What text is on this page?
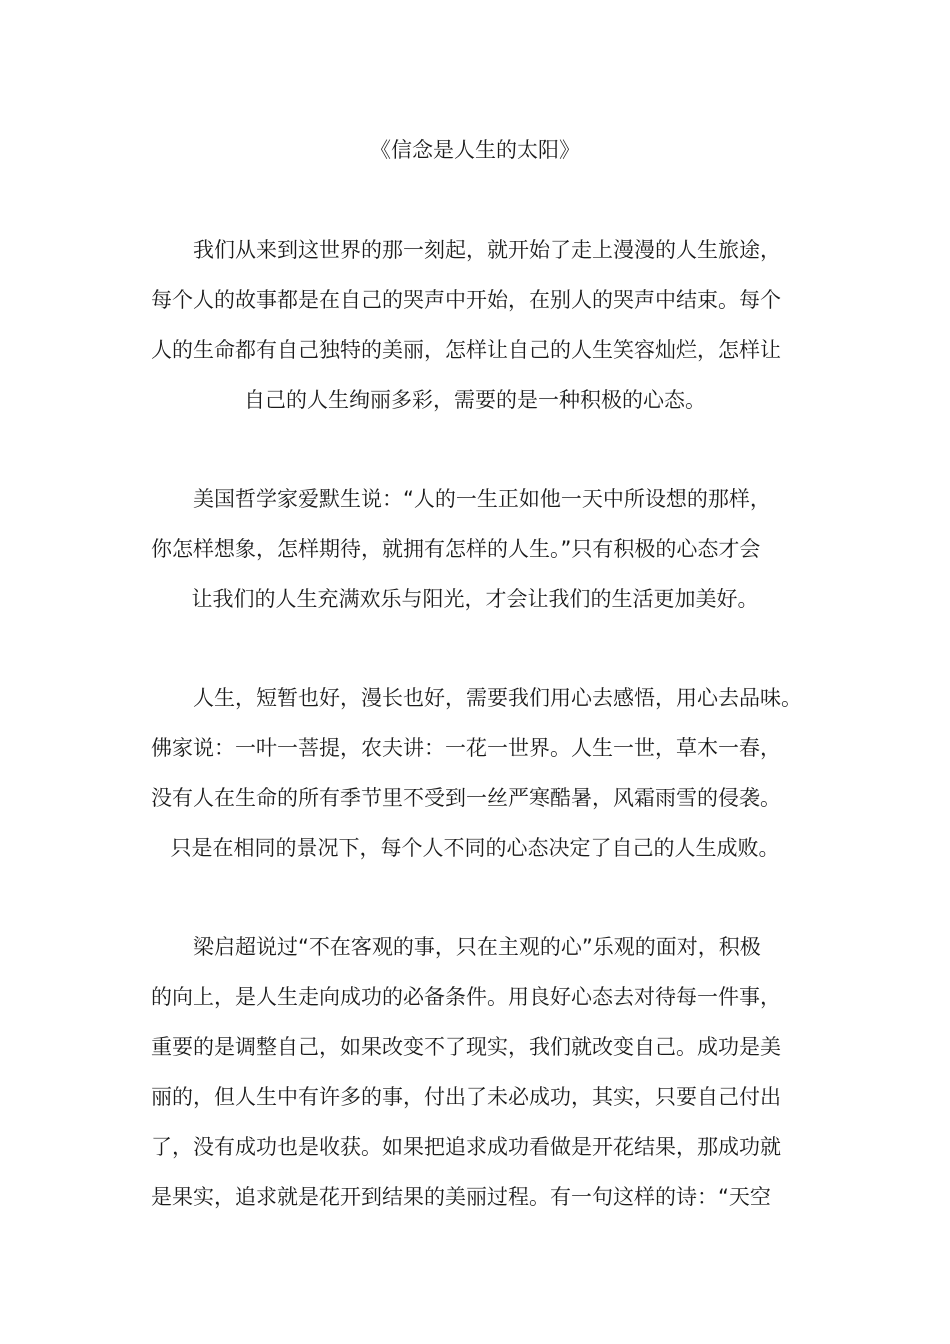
《信念是人生的太阳》

我们从来到这世界的那一刻起，就开始了走上漫漫的人生旅途，

每个人的故事都是在自己的哭声中开始，在别人的哭声中结束。每个

人的生命都有自己独特的美丽，怎样让自己的人生笑容灿烂，怎样让

自己的人生绚丽多彩，需要的是一种积极的心态。

美国哲学家爱默生说：“人的一生正如他一天中所设想的那样，

你怎样想象，怎样期待，就拥有怎样的人生。”只有积极的心态才会

让我们的人生充满欢乐与阳光，才会让我们的生活更加美好。

人生，短暂也好，漫长也好，需要我们用心去感悟，用心去品味。

佛家说：一叶一菩提，农夫讲：一花一世界。人生一世，草木一春，

没有人在生命的所有季节里不受到一丝严寒酷暑，风霜雨雪的侵袭。

只是在相同的景况下，每个人不同的心态决定了自己的人生成败。

梁启超说过“不在客观的事，只在主观的心”乐观的面对，积极

的向上，是人生走向成功的必备条件。用良好心态去对待每一件事，

重要的是调整自己，如果改变不了现实，我们就改变自己。成功是美

丽的，但人生中有许多的事，付出了未必成功，其实，只要自己付出

了，没有成功也是收获。如果把追求成功看做是开花结果，那成功就

是果实，追求就是花开到结果的美丽过程。有一句这样的诗：“天空
